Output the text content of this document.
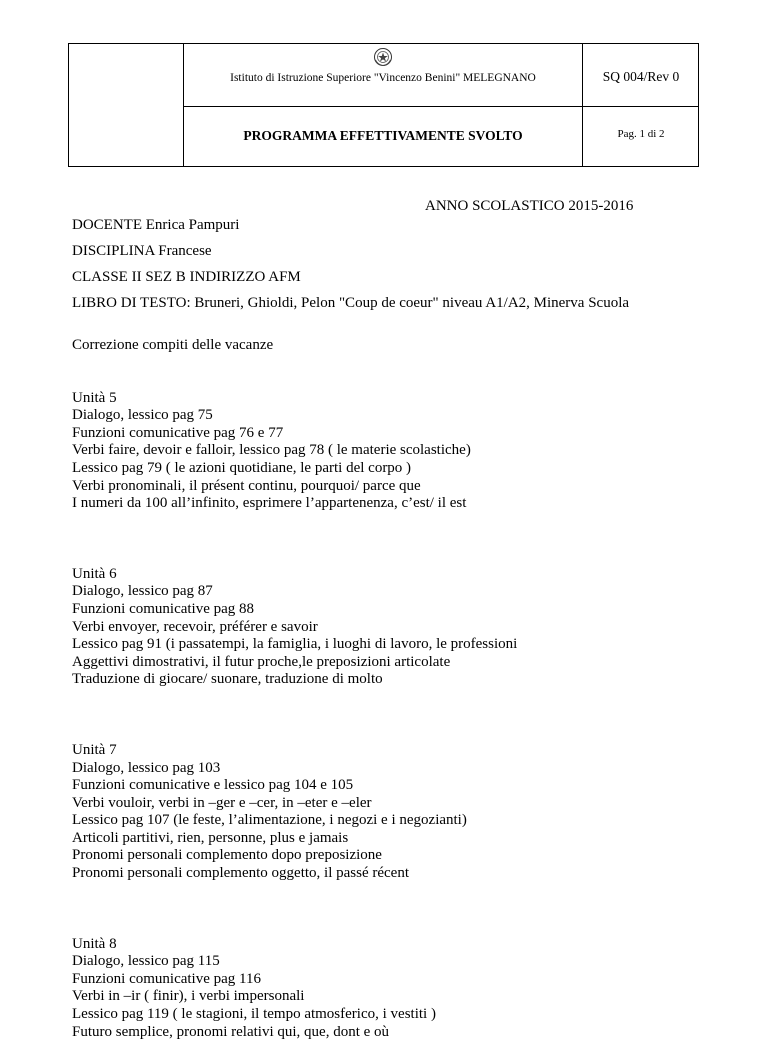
Istituto di Istruzione Superiore "Vincenzo Benini" MELEGNANO
PROGRAMMA EFFETTIVAMENTE SVOLTO
SQ 004/Rev 0
Pag. 1 di 2
ANNO SCOLASTICO 2015-2016
DOCENTE Enrica Pampuri
DISCIPLINA Francese
CLASSE II SEZ B INDIRIZZO AFM
LIBRO DI TESTO: Bruneri, Ghioldi, Pelon "Coup de coeur" niveau A1/A2, Minerva Scuola

Correzione compiti delle vacanze

Unità 5
Dialogo, lessico pag 75
Funzioni comunicative pag 76 e 77
Verbi faire, devoir e falloir, lessico pag 78 ( le materie scolastiche)
Lessico pag 79 ( le azioni quotidiane, le parti del corpo )
Verbi pronominali, il présent continu, pourquoi/ parce que
I numeri da 100 all’infinito, esprimere l’appartenenza, c’est/ il est
Unità 6
Dialogo, lessico pag 87
Funzioni comunicative pag 88
Verbi envoyer, recevoir, préférer e savoir
Lessico pag 91 (i passatempi, la famiglia, i luoghi di lavoro, le professioni
Aggettivi dimostrativi, il futur proche,le preposizioni articolate
Traduzione di giocare/ suonare, traduzione di molto
Unità 7
Dialogo, lessico pag 103
Funzioni comunicative e lessico pag 104 e 105
Verbi vouloir, verbi in –ger e –cer, in –eter e –eler
Lessico pag 107 (le feste, l’alimentazione, i negozi e i negozianti)
Articoli partitivi, rien, personne, plus e jamais
Pronomi personali complemento dopo preposizione
Pronomi personali complemento oggetto, il passé récent
Unità 8
Dialogo, lessico pag 115
Funzioni comunicative pag 116
Verbi in –ir ( finir), i verbi impersonali
Lessico pag 119 ( le stagioni, il tempo atmosferico, i vestiti )
Futuro semplice, pronomi relativi qui, que, dont e où
